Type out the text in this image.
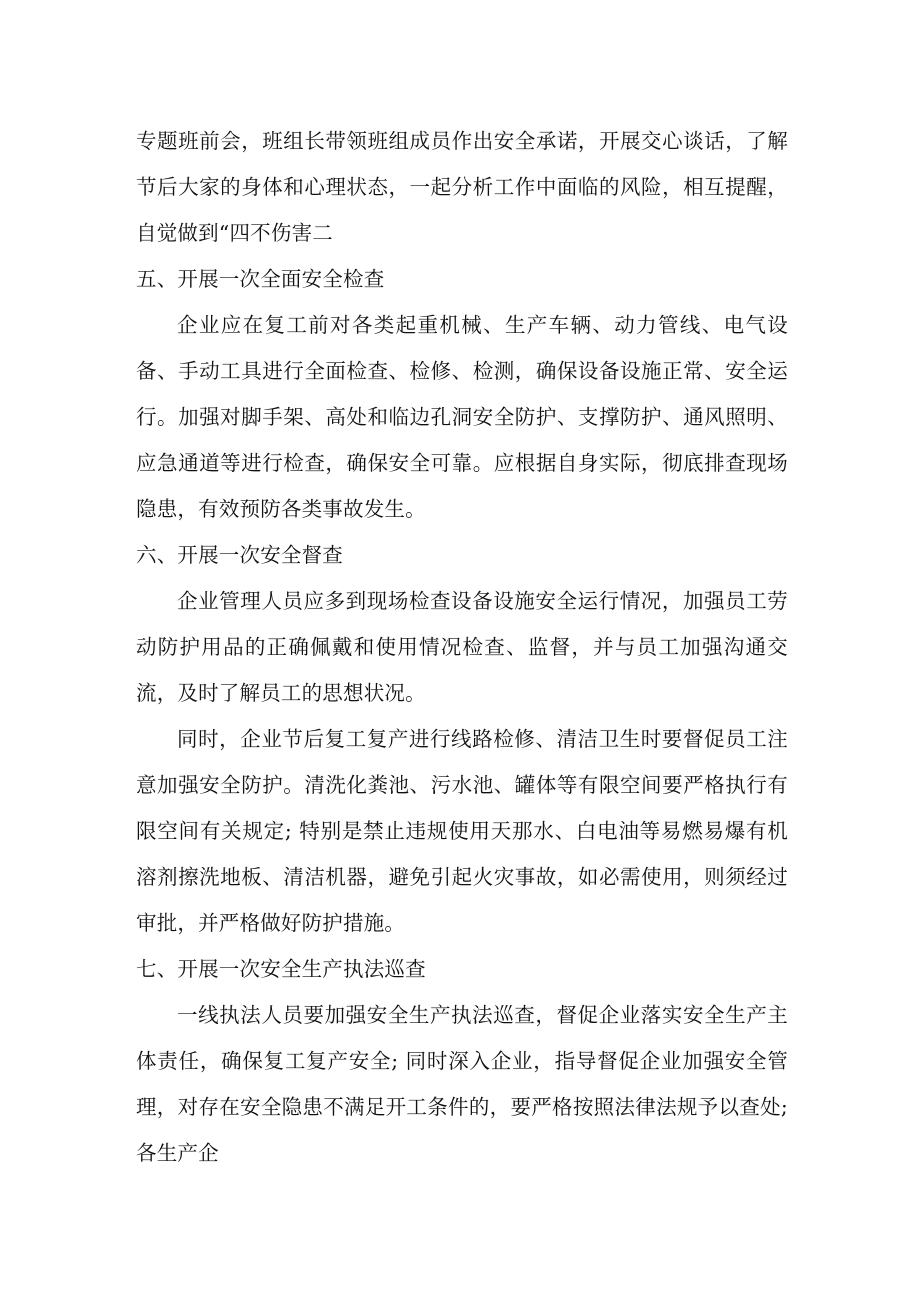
专题班前会，班组长带领班组成员作出安全承诺，开展交心谈话，了解节后大家的身体和心理状态，一起分析工作中面临的风险，相互提醒，自觉做到“四不伤害二

五、开展一次全面安全检查

企业应在复工前对各类起重机械、生产车辆、动力管线、电气设备、手动工具进行全面检查、检修、检测，确保设备设施正常、安全运行。加强对脚手架、高处和临边孔洞安全防护、支撑防护、通风照明、应急通道等进行检查，确保安全可靠。应根据自身实际，彻底排查现场隐患，有效预防各类事故发生。

六、开展一次安全督查

企业管理人员应多到现场检查设备设施安全运行情况，加强员工劳动防护用品的正确佩戴和使用情况检查、监督，并与员工加强沟通交流，及时了解员工的思想状况。

同时，企业节后复工复产进行线路检修、清洁卫生时要督促员工注意加强安全防护。清洗化粪池、污水池、罐体等有限空间要严格执行有限空间有关规定; 特别是禁止违规使用天那水、白电油等易燃易爆有机溶剂擦洗地板、清洁机器，避免引起火灾事故，如必需使用，则须经过审批，并严格做好防护措施。

七、开展一次安全生产执法巡查

一线执法人员要加强安全生产执法巡查，督促企业落实安全生产主体责任，确保复工复产安全; 同时深入企业，指导督促企业加强安全管理，对存在安全隐患不满足开工条件的，要严格按照法律法规予以查处; 各生产企
